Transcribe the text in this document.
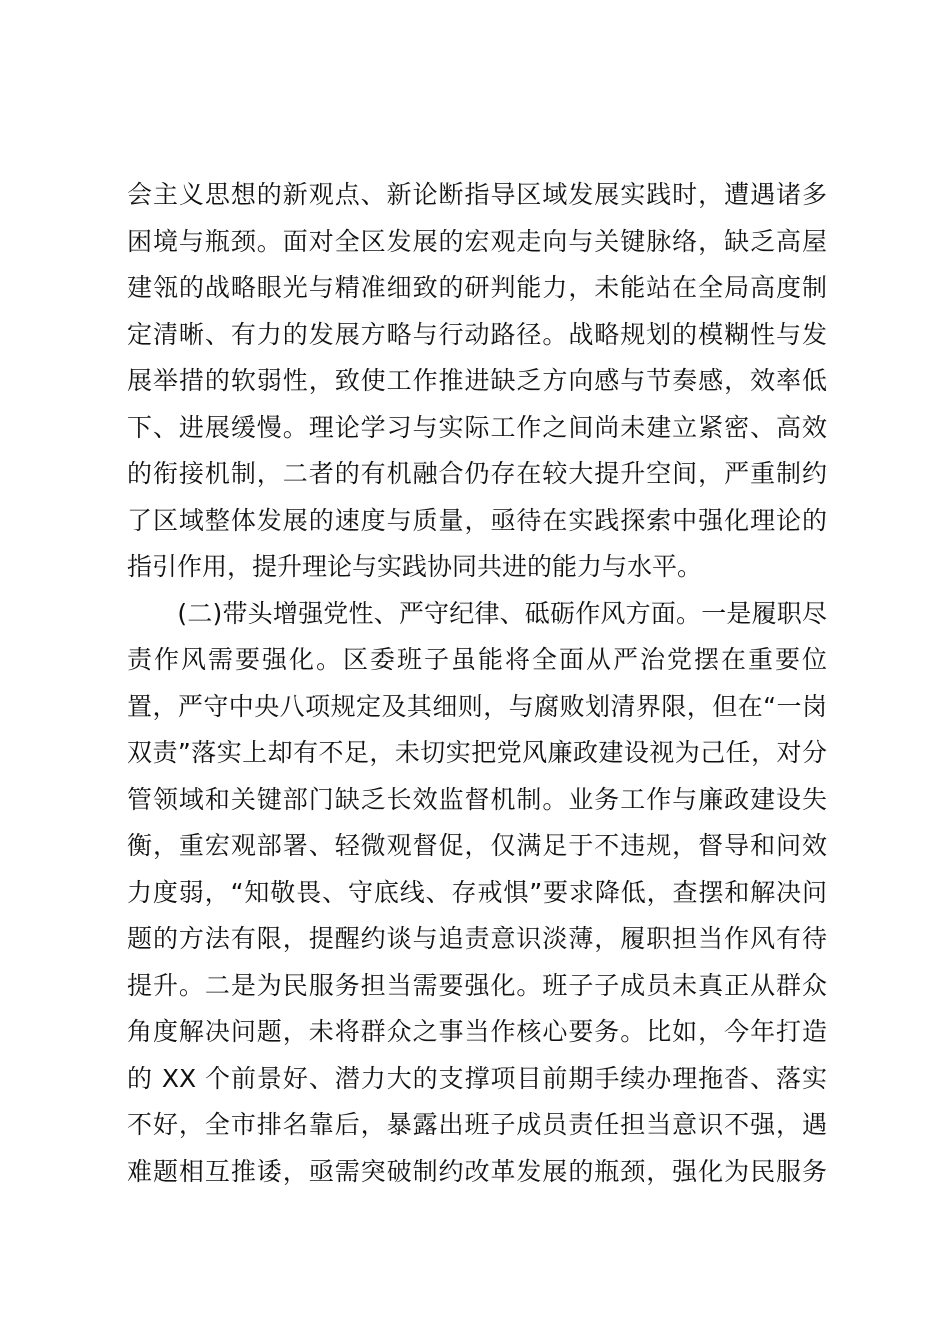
会主义思想的新观点、新论断指导区域发展实践时，遭遇诸多
困境与瓶颈。面对全区发展的宏观走向与关键脉络，缺乏高屋
建瓴的战略眼光与精准细致的研判能力，未能站在全局高度制
定清晰、有力的发展方略与行动路径。战略规划的模糊性与发
展举措的软弱性，致使工作推进缺乏方向感与节奏感，效率低
下、进展缓慢。理论学习与实际工作之间尚未建立紧密、高效
的衔接机制，二者的有机融合仍存在较大提升空间，严重制约
了区域整体发展的速度与质量，亟待在实践探索中强化理论的
指引作用，提升理论与实践协同共进的能力与水平。
　　(二)带头增强党性、严守纪律、砥砺作风方面。一是履职尽
责作风需要强化。区委班子虽能将全面从严治党摆在重要位
置，严守中央八项规定及其细则，与腐败划清界限，但在“一岗
双责”落实上却有不足，未切实把党风廉政建设视为己任，对分
管领域和关键部门缺乏长效监督机制。业务工作与廉政建设失
衡，重宏观部署、轻微观督促，仅满足于不违规，督导和问效
力度弱，“知敬畏、守底线、存戒惧”要求降低，查摆和解决问
题的方法有限，提醒约谈与追责意识淡薄，履职担当作风有待
提升。二是为民服务担当需要强化。班子子成员未真正从群众
角度解决问题，未将群众之事当作核心要务。比如，今年打造
的 XX 个前景好、潜力大的支撑项目前期手续办理拖沓、落实
不好，全市排名靠后，暴露出班子成员责任担当意识不强，遇
难题相互推诿，亟需突破制约改革发展的瓶颈，强化为民服务
